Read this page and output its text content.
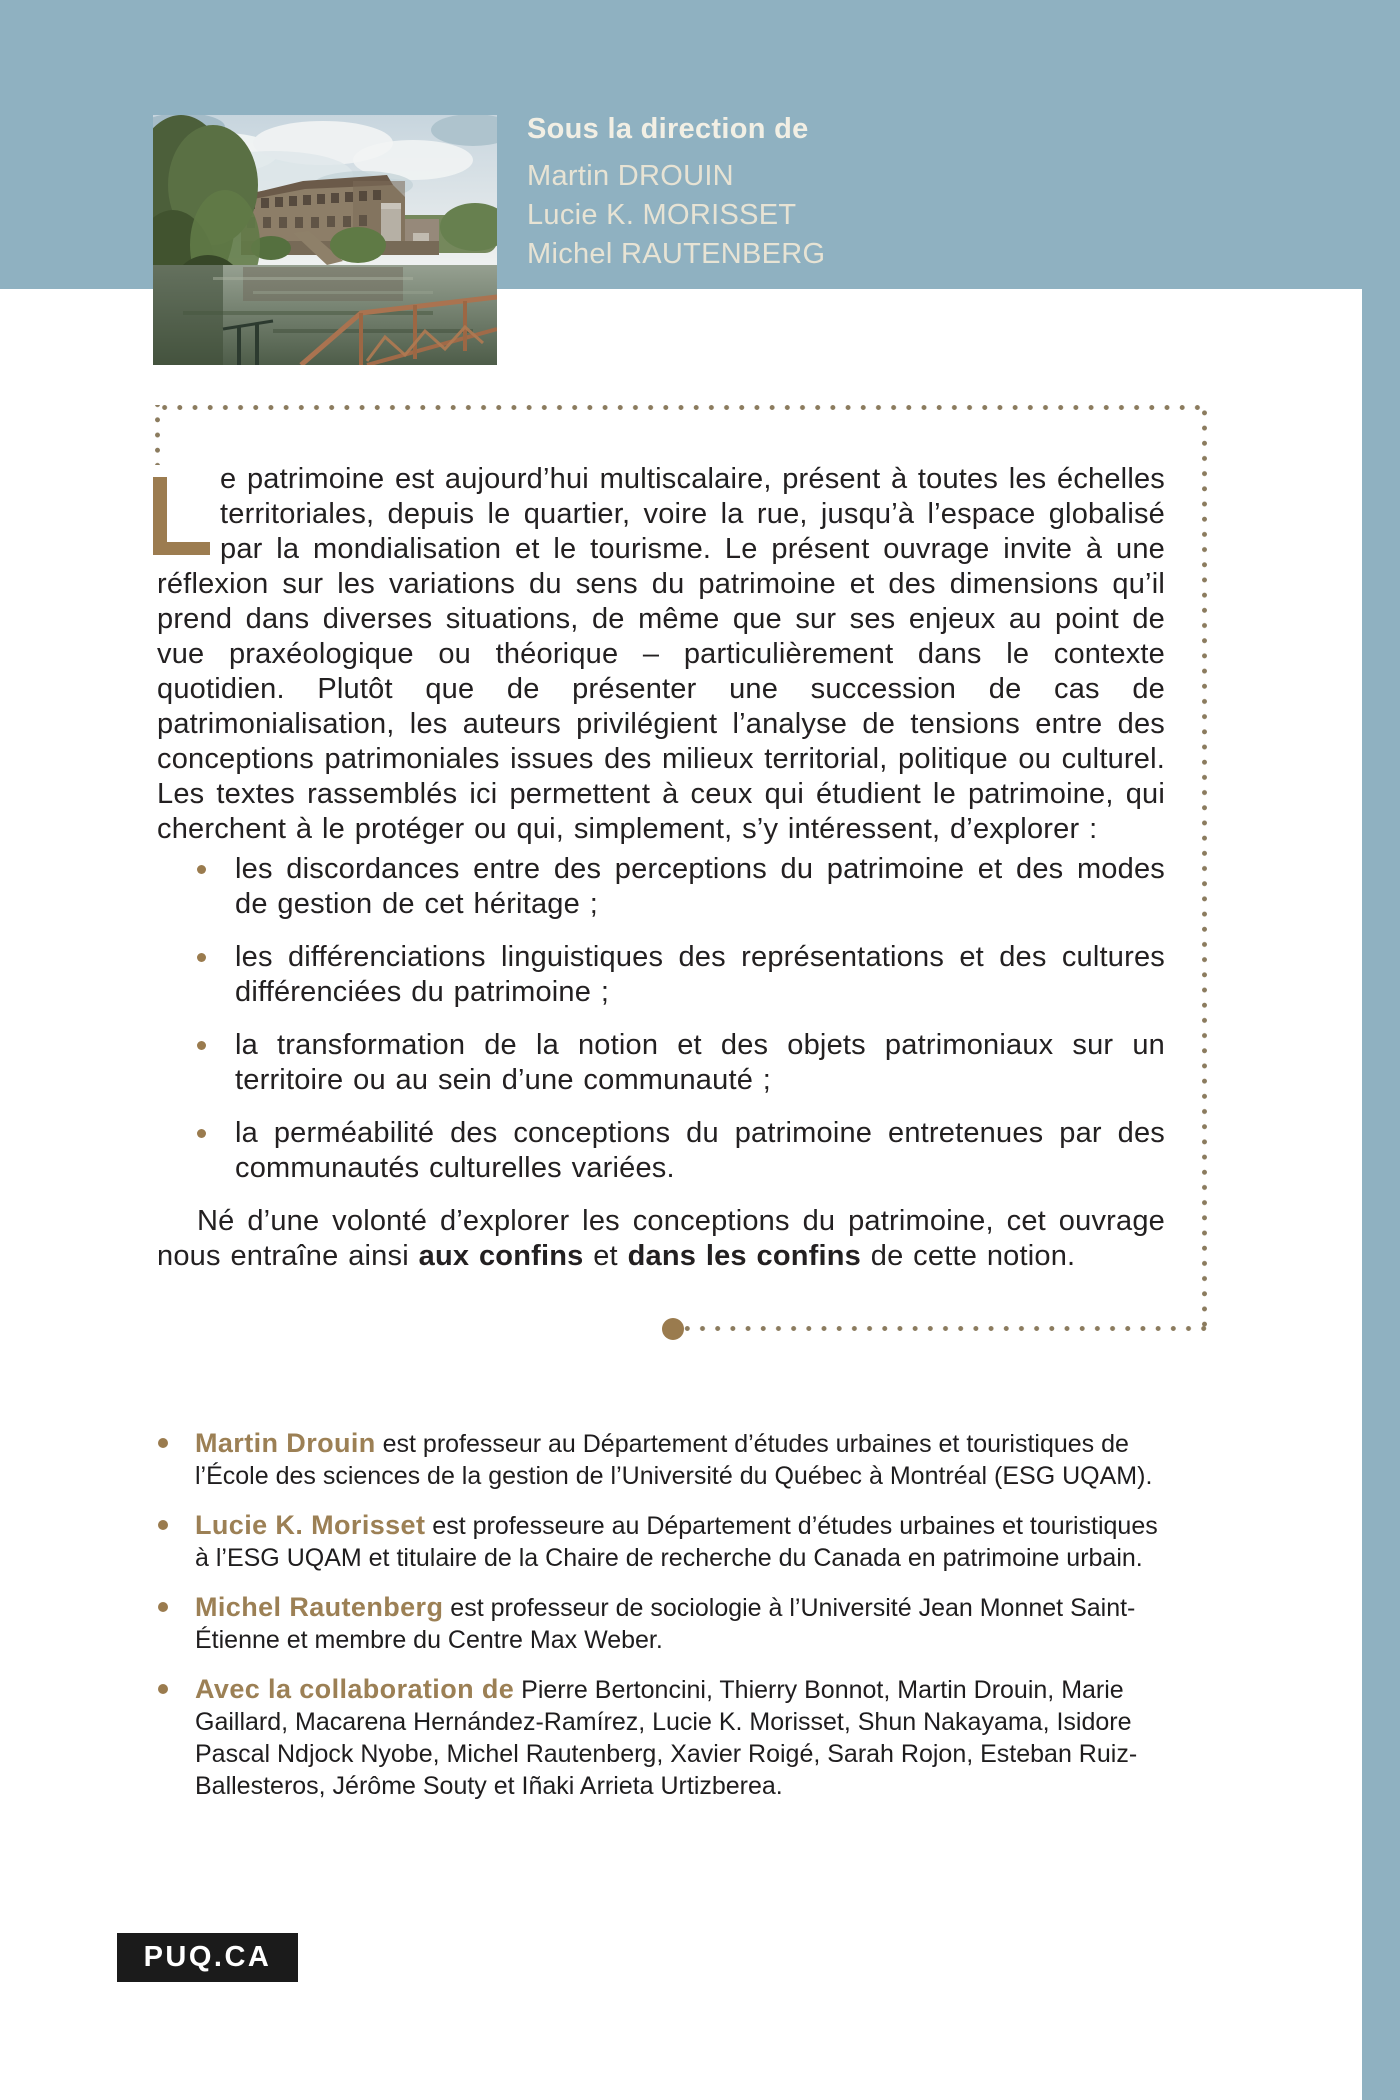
Sous la direction de

Martin DROUIN
Lucie K. MORISSET
Michel RAUTENBERG

e patrimoine est aujourd’hui multiscalaire, présent à toutes les échelles territoriales, depuis le quartier, voire la rue, jusqu’à l’espace globalisé par la mondialisation et le tourisme. Le présent ouvrage invite à une réflexion sur les variations du sens du patrimoine et des dimensions qu’il prend dans diverses situations, de même que sur ses enjeux au point de vue praxéologique ou théorique – particulièrement dans le contexte quotidien. Plutôt que de présenter une succession de cas de patrimonialisation, les auteurs privilégient l’analyse de tensions entre des conceptions patrimoniales issues des milieux territorial, politique ou culturel. Les textes rassemblés ici permettent à ceux qui étudient le patrimoine, qui cherchent à le protéger ou qui, simplement, s’y intéressent, d’explorer :

les discordances entre des perceptions du patrimoine et des modes de gestion de cet héritage ;
les différenciations linguistiques des représentations et des cultures différenciées du patrimoine ;
la transformation de la notion et des objets patrimoniaux sur un territoire ou au sein d’une communauté ;
la perméabilité des conceptions du patrimoine entretenues par des communautés culturelles variées.

Né d’une volonté d’explorer les conceptions du patrimoine, cet ouvrage nous entraîne ainsi aux confins et dans les confins de cette notion.

Martin Drouin est professeur au Département d’études urbaines et touristiques de l’École des sciences de la gestion de l’Université du Québec à Montréal (ESG UQAM).
Lucie K. Morisset est professeure au Département d’études urbaines et touristiques à l’ESG UQAM et titulaire de la Chaire de recherche du Canada en patrimoine urbain.
Michel Rautenberg est professeur de sociologie à l’Université Jean Monnet Saint-Étienne et membre du Centre Max Weber.
Avec la collaboration de Pierre Bertoncini, Thierry Bonnot, Martin Drouin, Marie Gaillard, Macarena Hernández-Ramírez, Lucie K. Morisset, Shun Nakayama, Isidore Pascal Ndjock Nyobe, Michel Rautenberg, Xavier Roigé, Sarah Rojon, Esteban Ruiz-Ballesteros, Jérôme Souty et Iñaki Arrieta Urtizberea.
PUQ.CA
